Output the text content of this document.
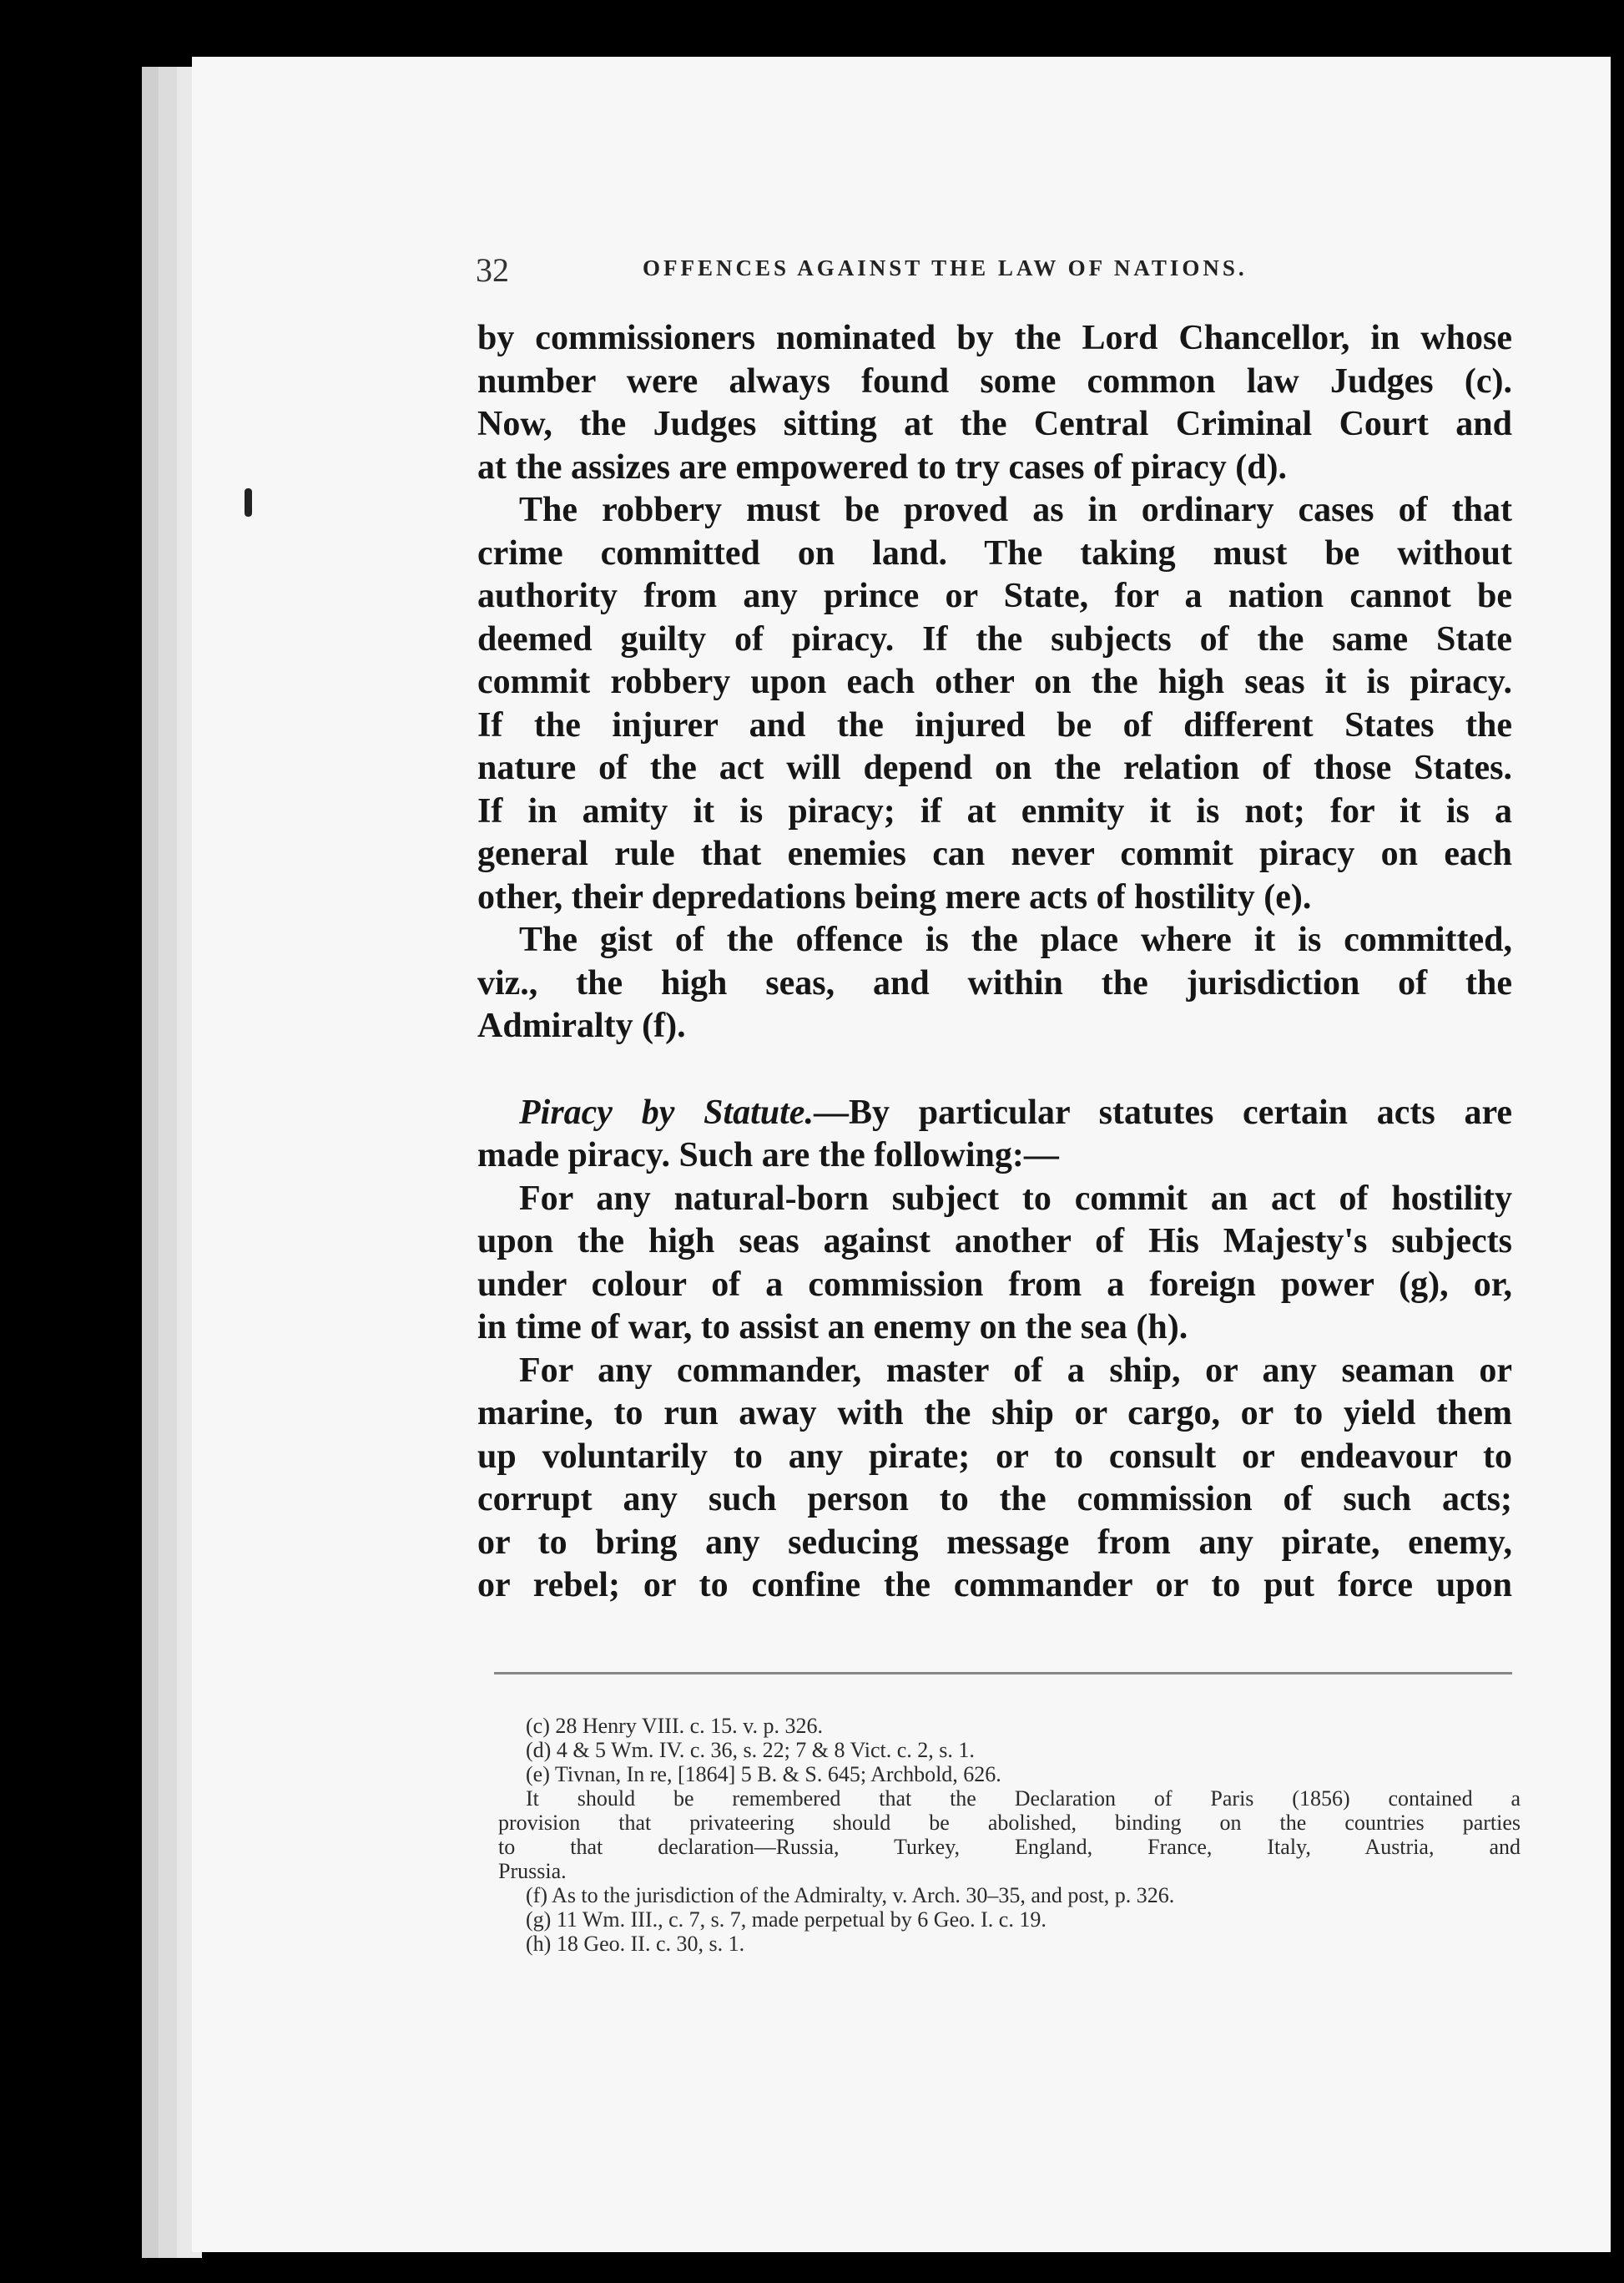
32	OFFENCES AGAINST THE LAW OF NATIONS.
by commissioners nominated by the Lord Chancellor, in whose
number were always found some common law Judges (c).
Now, the Judges sitting at the Central Criminal Court and
at the assizes are empowered to try cases of piracy (d).
The robbery must be proved as in ordinary cases of that
crime committed on land. The taking must be without
authority from any prince or State, for a nation cannot be
deemed guilty of piracy. If the subjects of the same State
commit robbery upon each other on the high seas it is piracy.
If the injurer and the injured be of different States the
nature of the act will depend on the relation of those States.
If in amity it is piracy; if at enmity it is not; for it is a
general rule that enemies can never commit piracy on each
other, their depredations being mere acts of hostility (e).
The gist of the offence is the place where it is committed,
viz., the high seas, and within the jurisdiction of the
Admiralty (f).
Piracy by Statute.—By particular statutes certain acts are
made piracy. Such are the following:—
For any natural-born subject to commit an act of hostility
upon the high seas against another of His Majesty's subjects
under colour of a commission from a foreign power (g), or,
in time of war, to assist an enemy on the sea (h).
For any commander, master of a ship, or any seaman or
marine, to run away with the ship or cargo, or to yield them
up voluntarily to any pirate; or to consult or endeavour to
corrupt any such person to the commission of such acts;
or to bring any seducing message from any pirate, enemy,
or rebel; or to confine the commander or to put force upon
(c) 28 Henry VIII. c. 15. v. p. 326.
(d) 4 & 5 Wm. IV. c. 36, s. 22; 7 & 8 Vict. c. 2, s. 1.
(e) Tivnan, In re, [1864] 5 B. & S. 645; Archbold, 626.
It should be remembered that the Declaration of Paris (1856) contained a
provision that privateering should be abolished, binding on the countries parties
to that declaration—Russia, Turkey, England, France, Italy, Austria, and
Prussia.
(f) As to the jurisdiction of the Admiralty, v. Arch. 30–35, and post, p. 326.
(g) 11 Wm. III., c. 7, s. 7, made perpetual by 6 Geo. I. c. 19.
(h) 18 Geo. II. c. 30, s. 1.
